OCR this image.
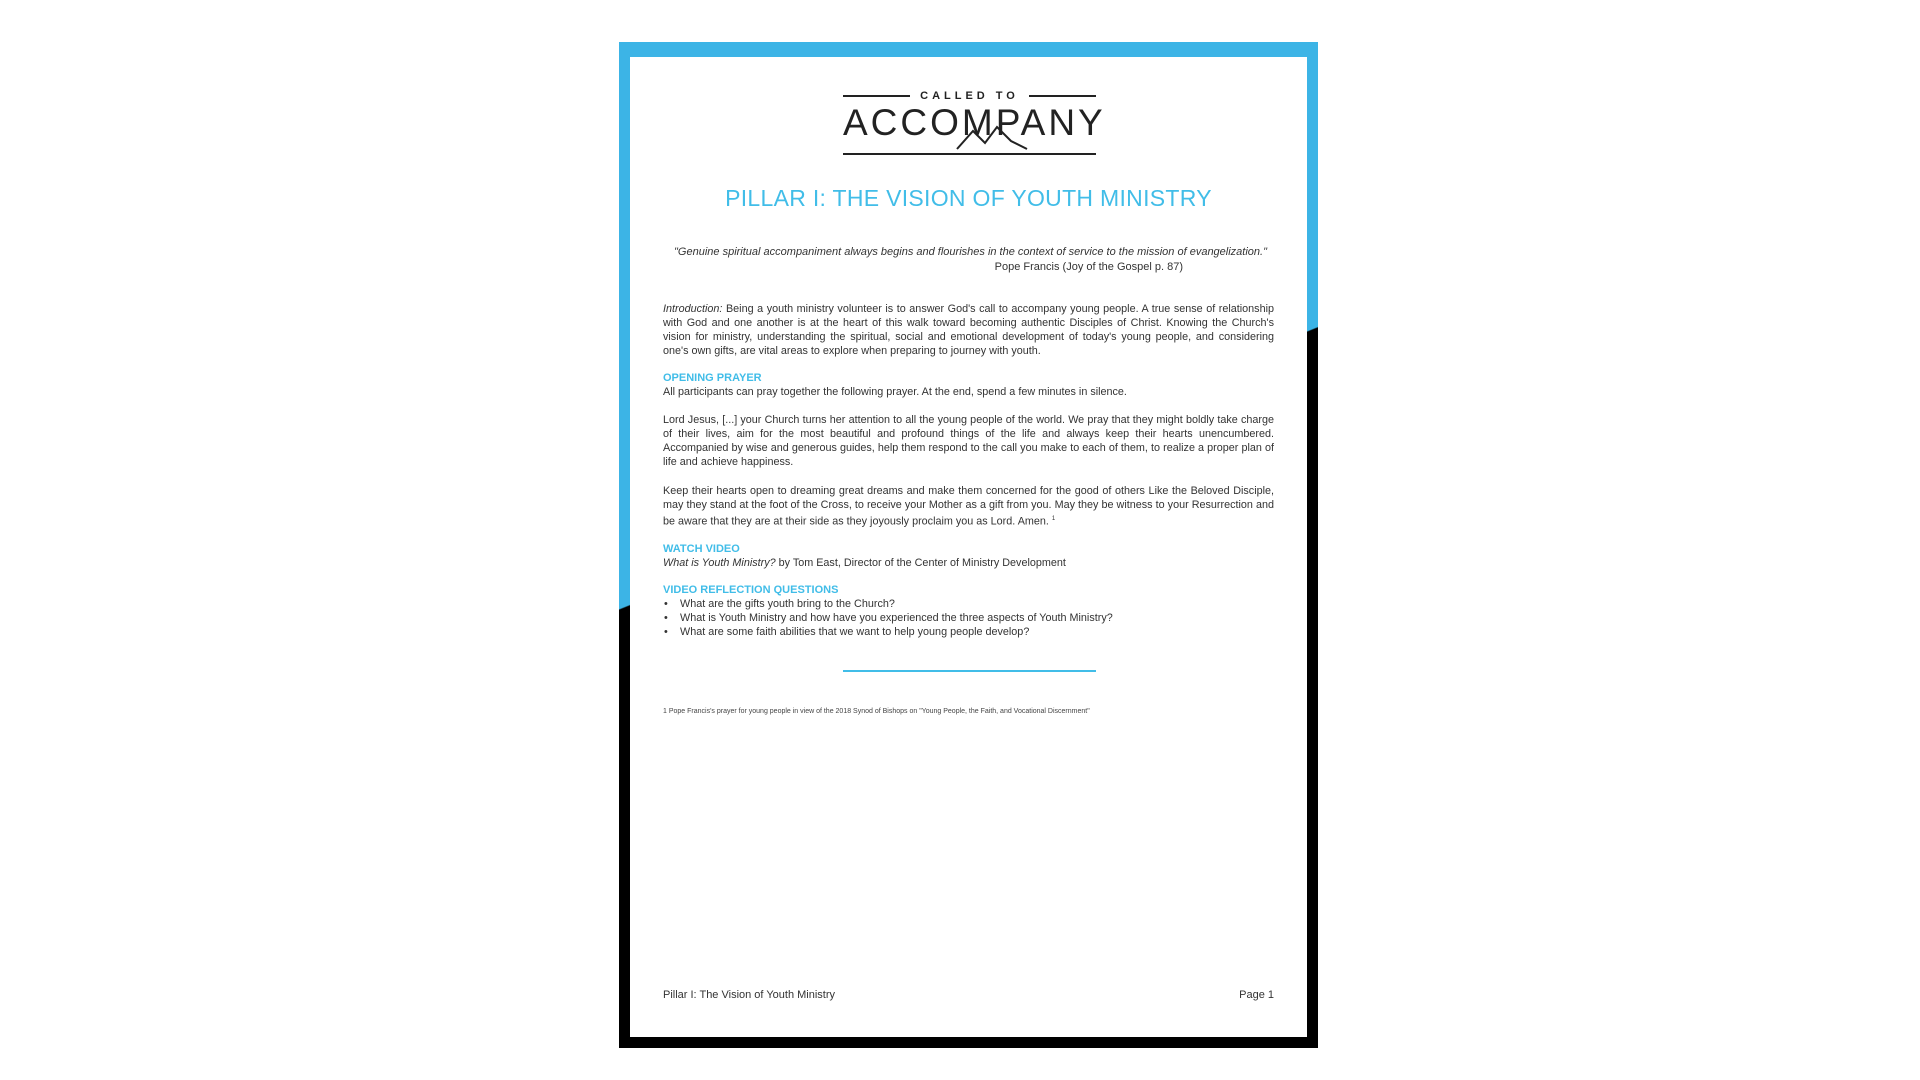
CALLED TO
ACCOMPANY
PILLAR I: THE VISION OF YOUTH MINISTRY
"Genuine spiritual accompaniment always begins and flourishes in the context of service to the mission of evangelization."
Pope Francis (Joy of the Gospel p. 87)
Introduction: Being a youth ministry volunteer is to answer God's call to accompany young people. A true sense of relationship with God and one another is at the heart of this walk toward becoming authentic Disciples of Christ. Knowing the Church's vision for ministry, understanding the spiritual, social and emotional development of today's young people, and considering one's own gifts, are vital areas to explore when preparing to journey with youth.
OPENING PRAYER
All participants can pray together the following prayer. At the end, spend a few minutes in silence.
Lord Jesus, [...] your Church turns her attention to all the young people of the world. We pray that they might boldly take charge of their lives, aim for the most beautiful and profound things of the life and always keep their hearts unencumbered. Accompanied by wise and generous guides, help them respond to the call you make to each of them, to realize a proper plan of life and achieve happiness.
Keep their hearts open to dreaming great dreams and make them concerned for the good of others Like the Beloved Disciple, may they stand at the foot of the Cross, to receive your Mother as a gift from you. May they be witness to your Resurrection and be aware that they are at their side as they joyously proclaim you as Lord. Amen. $^1$
WATCH VIDEO
What is Youth Ministry? by Tom East, Director of the Center of Ministry Development
VIDEO REFLECTION QUESTIONS
• What are the gifts youth bring to the Church?
• What is Youth Ministry and how have you experienced the three aspects of Youth Ministry?
• What are some faith abilities that we want to help young people develop?
1 Pope Francis's prayer for young people in view of the 2018 Synod of Bishops on "Young People, the Faith, and Vocational Discernment"
Pillar I: The Vision of Youth Ministry	Page 1
